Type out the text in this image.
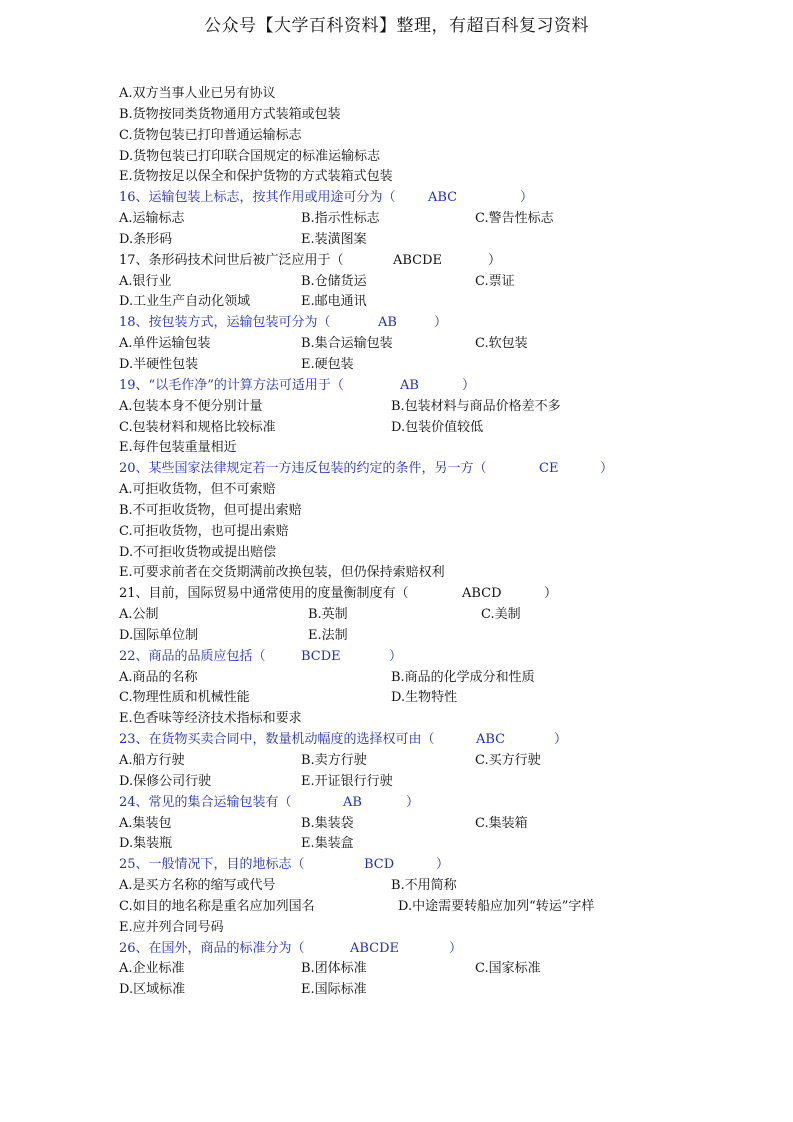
公众号【大学百科资料】整理，有超百科复习资料
A.双方当事人业已另有协议
B.货物按同类货物通用方式装箱或包装
C.货物包装已打印普通运输标志
D.货物包装已打印联合国规定的标准运输标志
E.货物按足以保全和保护货物的方式装箱式包装
16、运输包装上标志，按其作用或用途可分为（ ABC	）
A.运输标志	B.指示性标志	C.警告性标志
D.条形码	E.装潢图案
17、条形码技术问世后被广泛应用于（	ABCDE	）
A.银行业	B.仓储货运	C.票证
D.工业生产自动化领域	E.邮电通讯
18、按包装方式，运输包装可分为（	AB	）
A.单件运输包装	B.集合运输包装	C.软包装
D.半硬性包装	E.硬包装
19、“以毛作净”的计算方法可适用于（	AB	）
A.包装本身不便分别计量	B.包装材料与商品价格差不多
C.包装材料和规格比较标准	D.包装价值较低
E.每件包装重量相近
20、某些国家法律规定若一方违反包装的约定的条件，另一方（	CE	）
A.可拒收货物，但不可索赔
B.不可拒收货物，但可提出索赔
C.可拒收货物，也可提出索赔
D.不可拒收货物或提出赔偿
E.可要求前者在交货期满前改换包装，但仍保持索赔权利
21、目前，国际贸易中通常使用的度量衡制度有（	ABCD	）
A.公制	B.英制	C.美制
D.国际单位制	E.法制
22、商品的品质应包括（	BCDE	）
A.商品的名称	B.商品的化学成分和性质
C.物理性质和机械性能	D.生物特性
E.色香味等经济技术指标和要求
23、在货物买卖合同中，数量机动幅度的选择权可由（	ABC	）
A.船方行驶	B.卖方行驶	C.买方行驶
D.保修公司行驶	E.开证银行行驶
24、常见的集合运输包装有（	AB	）
A.集装包	B.集装袋	C.集装箱
D.集装瓶	E.集装盒
25、一般情况下，目的地标志（	BCD	）
A.是买方名称的缩写或代号	B.不用简称
C.如目的地名称是重名应加列国名	D.中途需要转船应加列“转运”字样
E.应并列合同号码
26、在国外，商品的标准分为（	ABCDE	）
A.企业标准	B.团体标准	C.国家标准
D.区域标准	E.国际标准
